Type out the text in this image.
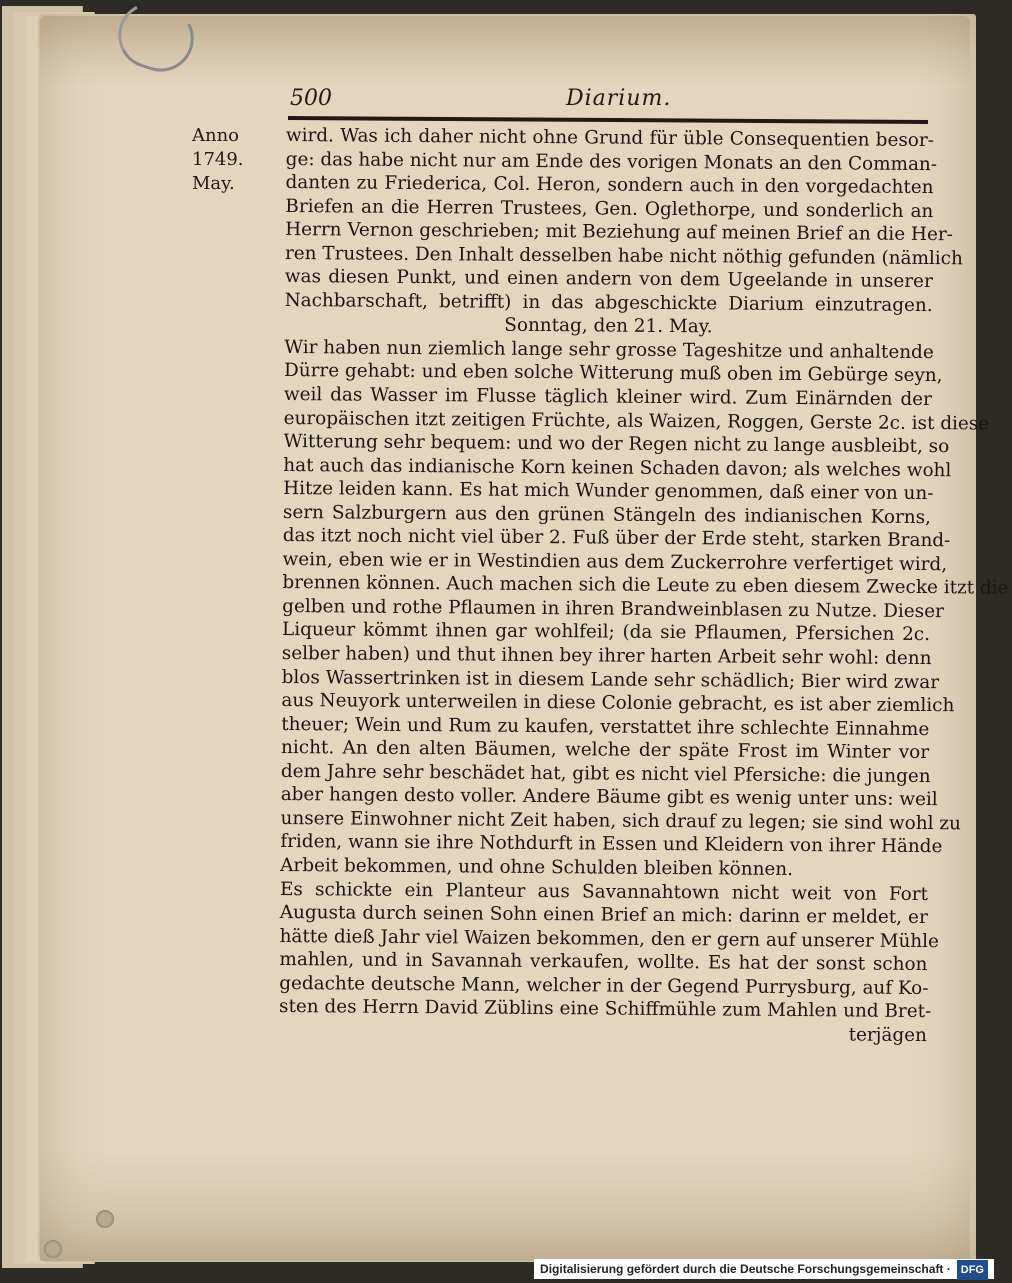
500	Diarium.
Anno
1749.
May.
wird. Was ich daher nicht ohne Grund für üble Consequentien besor-
ge: das habe nicht nur am Ende des vorigen Monats an den Comman-
danten zu Friederica, Col. Heron, sondern auch in den vorgedachten
Briefen an die Herren Trustees, Gen. Oglethorpe, und sonderlich an
Herrn Vernon geschrieben; mit Beziehung auf meinen Brief an die Her-
ren Trustees. Den Inhalt desselben habe nicht nöthig gefunden (nämlich
was diesen Punkt, und einen andern von dem Ugeelande in unserer
Nachbarschaft, betrifft) in das abgeschickte Diarium einzutragen.
Sonntag, den 21. May.
Wir haben nun ziemlich lange sehr grosse Tageshitze und anhaltende
Dürre gehabt: und eben solche Witterung muß oben im Gebürge seyn,
weil das Wasser im Flusse täglich kleiner wird. Zum Einärnden der
europäischen itzt zeitigen Früchte, als Waizen, Roggen, Gerste 2c. ist diese
Witterung sehr bequem: und wo der Regen nicht zu lange ausbleibt, so
hat auch das indianische Korn keinen Schaden davon; als welches wohl
Hitze leiden kann. Es hat mich Wunder genommen, daß einer von un-
sern Salzburgern aus den grünen Stängeln des indianischen Korns,
das itzt noch nicht viel über 2. Fuß über der Erde steht, starken Brand-
wein, eben wie er in Westindien aus dem Zuckerrohre verfertiget wird,
brennen können. Auch machen sich die Leute zu eben diesem Zwecke itzt die
gelben und rothe Pflaumen in ihren Brandweinblasen zu Nutze. Dieser
Liqueur kömmt ihnen gar wohlfeil; (da sie Pflaumen, Pfersichen 2c.
selber haben) und thut ihnen bey ihrer harten Arbeit sehr wohl: denn
blos Wassertrinken ist in diesem Lande sehr schädlich; Bier wird zwar
aus Neuyork unterweilen in diese Colonie gebracht, es ist aber ziemlich
theuer; Wein und Rum zu kaufen, verstattet ihre schlechte Einnahme
nicht. An den alten Bäumen, welche der späte Frost im Winter vor
dem Jahre sehr beschädet hat, gibt es nicht viel Pfersiche: die jungen
aber hangen desto voller. Andere Bäume gibt es wenig unter uns: weil
unsere Einwohner nicht Zeit haben, sich drauf zu legen; sie sind wohl zu
friden, wann sie ihre Nothdurft in Essen und Kleidern von ihrer Hände
Arbeit bekommen, und ohne Schulden bleiben können.
Es schickte ein Planteur aus Savannahtown nicht weit von Fort
Augusta durch seinen Sohn einen Brief an mich: darinn er meldet, er
hätte dieß Jahr viel Waizen bekommen, den er gern auf unserer Mühle
mahlen, und in Savannah verkaufen, wollte. Es hat der sonst schon
gedachte deutsche Mann, welcher in der Gegend Purrysburg, auf Ko-
sten des Herrn David Züblins eine Schiffmühle zum Mahlen und Bret-
terjägen
Digitalisierung gefördert durch die Deutsche Forschungsgemeinschaft · DFG
